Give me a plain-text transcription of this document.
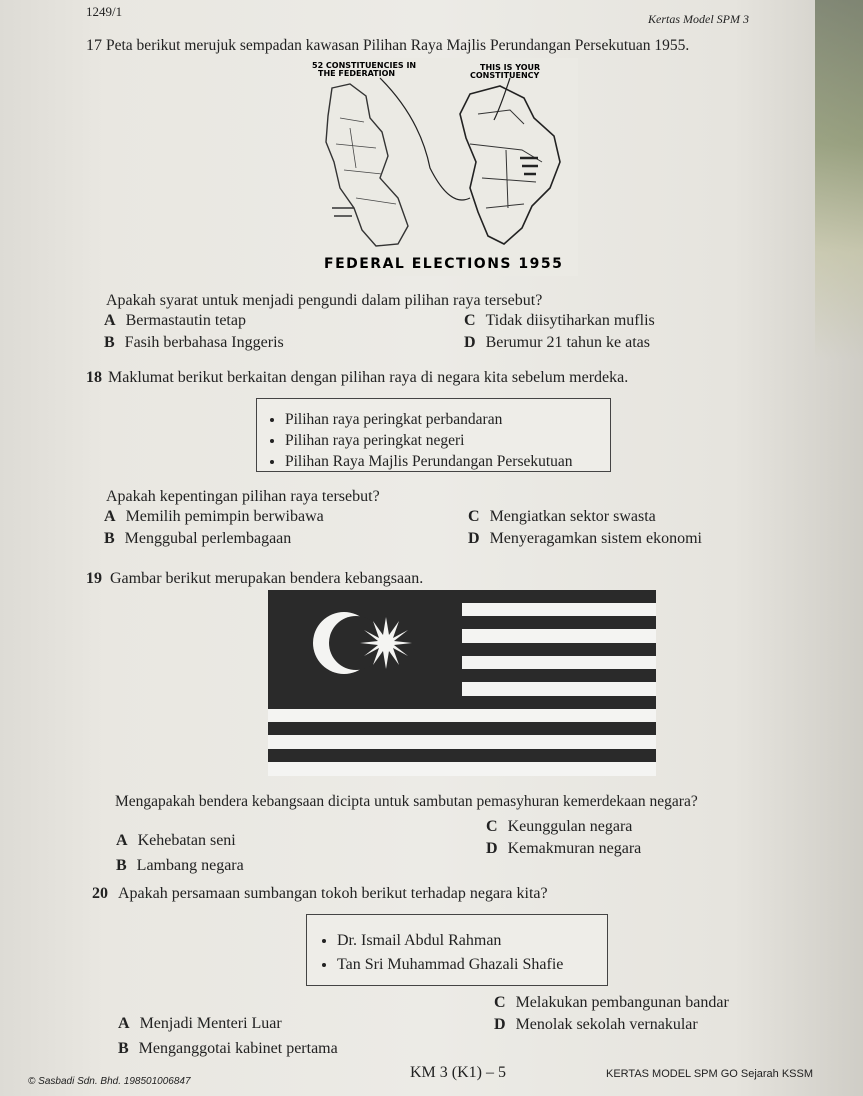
1249/1	Kertas Model SPM 3
17 Peta berikut merujuk sempadan kawasan Pilihan Raya Majlis Perundangan Persekutuan 1955.
52 CONSTITUENCIES IN THE FEDERATION
THIS IS YOUR CONSTITUENCY
FEDERAL ELECTIONS 1955
Apakah syarat untuk menjadi pengundi dalam pilihan raya tersebut?
A Bermastautin tetap
B Fasih berbahasa Inggeris
C Tidak diisytiharkan muflis
D Berumur 21 tahun ke atas
18 Maklumat berikut berkaitan dengan pilihan raya di negara kita sebelum merdeka.
• Pilihan raya peringkat perbandaran
• Pilihan raya peringkat negeri
• Pilihan Raya Majlis Perundangan Persekutuan
Apakah kepentingan pilihan raya tersebut?
A Memilih pemimpin berwibawa
B Menggubal perlembagaan
C Mengiatkan sektor swasta
D Menyeragamkan sistem ekonomi
19 Gambar berikut merupakan bendera kebangsaan.
Mengapakah bendera kebangsaan dicipta untuk sambutan pemasyhuran kemerdekaan negara?
A Kehebatan seni
B Lambang negara
C Keunggulan negara
D Kemakmuran negara
20 Apakah persamaan sumbangan tokoh berikut terhadap negara kita?
• Dr. Ismail Abdul Rahman
• Tan Sri Muhammad Ghazali Shafie
A Menjadi Menteri Luar
B Menganggotai kabinet pertama
C Melakukan pembangunan bandar
D Menolak sekolah vernakular
© Sasbadi Sdn. Bhd. 198501006847
KM 3 (K1) – 5	KERTAS MODEL SPM GO Sejarah KSSM
